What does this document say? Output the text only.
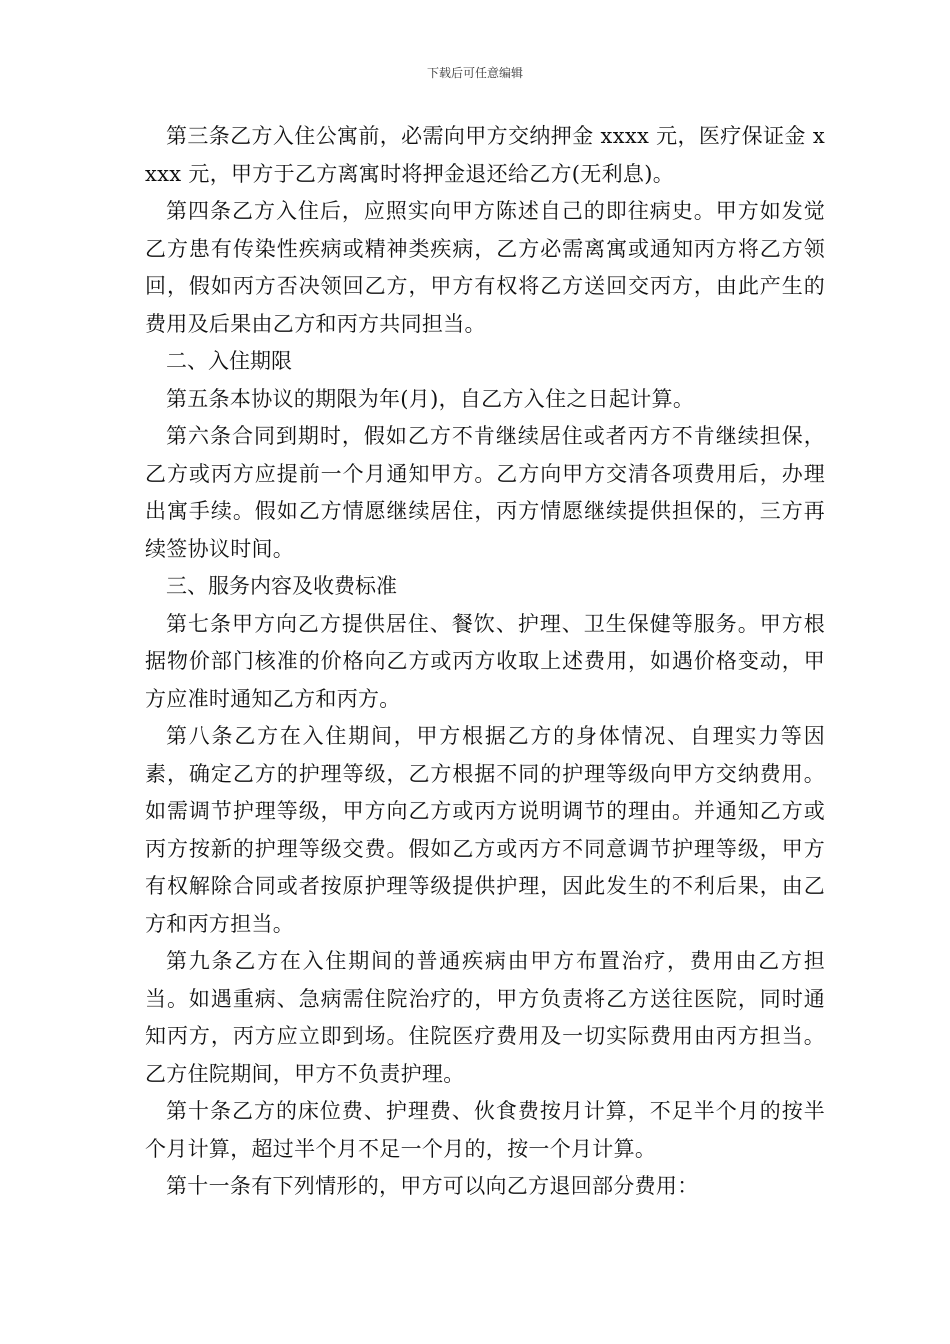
下载后可任意编辑

第三条乙方入住公寓前，必需向甲方交纳押金 xxxx 元，医疗保证金 xxxx 元，甲方于乙方离寓时将押金退还给乙方(无利息)。

第四条乙方入住后，应照实向甲方陈述自己的即往病史。甲方如发觉乙方患有传染性疾病或精神类疾病，乙方必需离寓或通知丙方将乙方领回，假如丙方否决领回乙方，甲方有权将乙方送回交丙方，由此产生的费用及后果由乙方和丙方共同担当。

二、入住期限

第五条本协议的期限为年(月)，自乙方入住之日起计算。

第六条合同到期时，假如乙方不肯继续居住或者丙方不肯继续担保，乙方或丙方应提前一个月通知甲方。乙方向甲方交清各项费用后，办理出寓手续。假如乙方情愿继续居住，丙方情愿继续提供担保的，三方再续签协议时间。

三、服务内容及收费标准

第七条甲方向乙方提供居住、餐饮、护理、卫生保健等服务。甲方根据物价部门核准的价格向乙方或丙方收取上述费用，如遇价格变动，甲方应准时通知乙方和丙方。

第八条乙方在入住期间，甲方根据乙方的身体情况、自理实力等因素，确定乙方的护理等级，乙方根据不同的护理等级向甲方交纳费用。如需调节护理等级，甲方向乙方或丙方说明调节的理由。并通知乙方或丙方按新的护理等级交费。假如乙方或丙方不同意调节护理等级，甲方有权解除合同或者按原护理等级提供护理，因此发生的不利后果，由乙方和丙方担当。

第九条乙方在入住期间的普通疾病由甲方布置治疗，费用由乙方担当。如遇重病、急病需住院治疗的，甲方负责将乙方送往医院，同时通知丙方，丙方应立即到场。住院医疗费用及一切实际费用由丙方担当。乙方住院期间，甲方不负责护理。

第十条乙方的床位费、护理费、伙食费按月计算，不足半个月的按半个月计算，超过半个月不足一个月的，按一个月计算。

第十一条有下列情形的，甲方可以向乙方退回部分费用：
